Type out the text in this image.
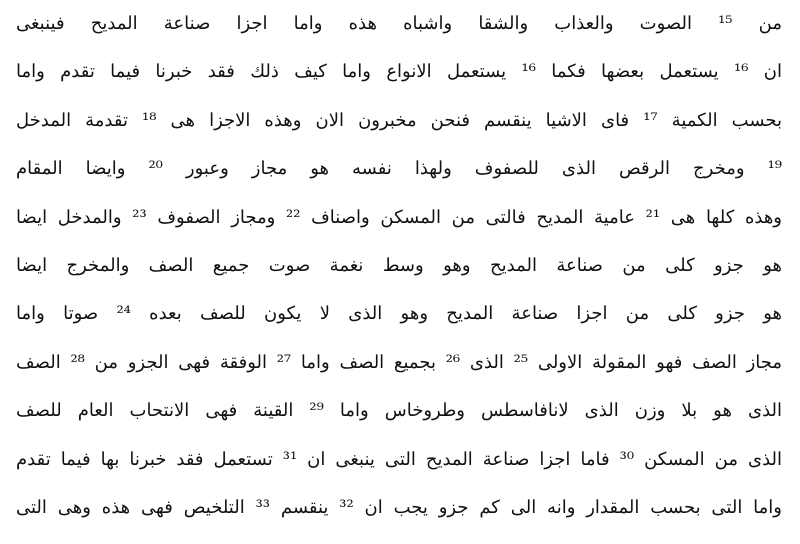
من ¹⁵ الصوت والعذاب والشقا واشباه هذه واما اجزا صناعة المديح فينبغى
ان ¹⁶ يستعمل بعضها فكما ¹⁶ يستعمل الانواع واما كيف ذلك فقد خبرنا فيما تقدم واما
بحسب الكمية ¹⁷ فاى الاشيا ينقسم فنحن مخبرون الان وهذه الاجزا هى ¹⁸ تقدمة المدخل
¹⁹ ومخرج الرقص الذى للصفوف ولهذا نفسه هو مجاز وعبور ²⁰ وايضا المقام
وهذه كلها هى ²¹ عامية المديح فالتى من المسكن واصناف ²² ومجاز الصفوف ²³ والمدخل ايضا
هو جزو كلى من صناعة المديح وهو وسط نغمة صوت جميع الصف والمخرج ايضا
هو جزو كلى من اجزا صناعة المديح وهو الذى لا يكون للصف بعده ²⁴ صوتا واما
مجاز الصف فهو المقولة الاولى ²⁵ الذى ²⁶ بجميع الصف واما ²⁷ الوفقة فهى الجزو من ²⁸ الصف
الذى هو بلا وزن الذى لانافاسطس وطروخاس واما ²⁹ القينة فهى الانتحاب العام للصف
الذى من المسكن ³⁰ فاما اجزا صناعة المديح التى ينبغى ان ³¹ تستعمل فقد خبرنا بها فيما تقدم
واما التى بحسب المقدار وانه الى كم جزو يجب ان ³² ينقسم ³³ التلخيص فهى هذه وهى التى
